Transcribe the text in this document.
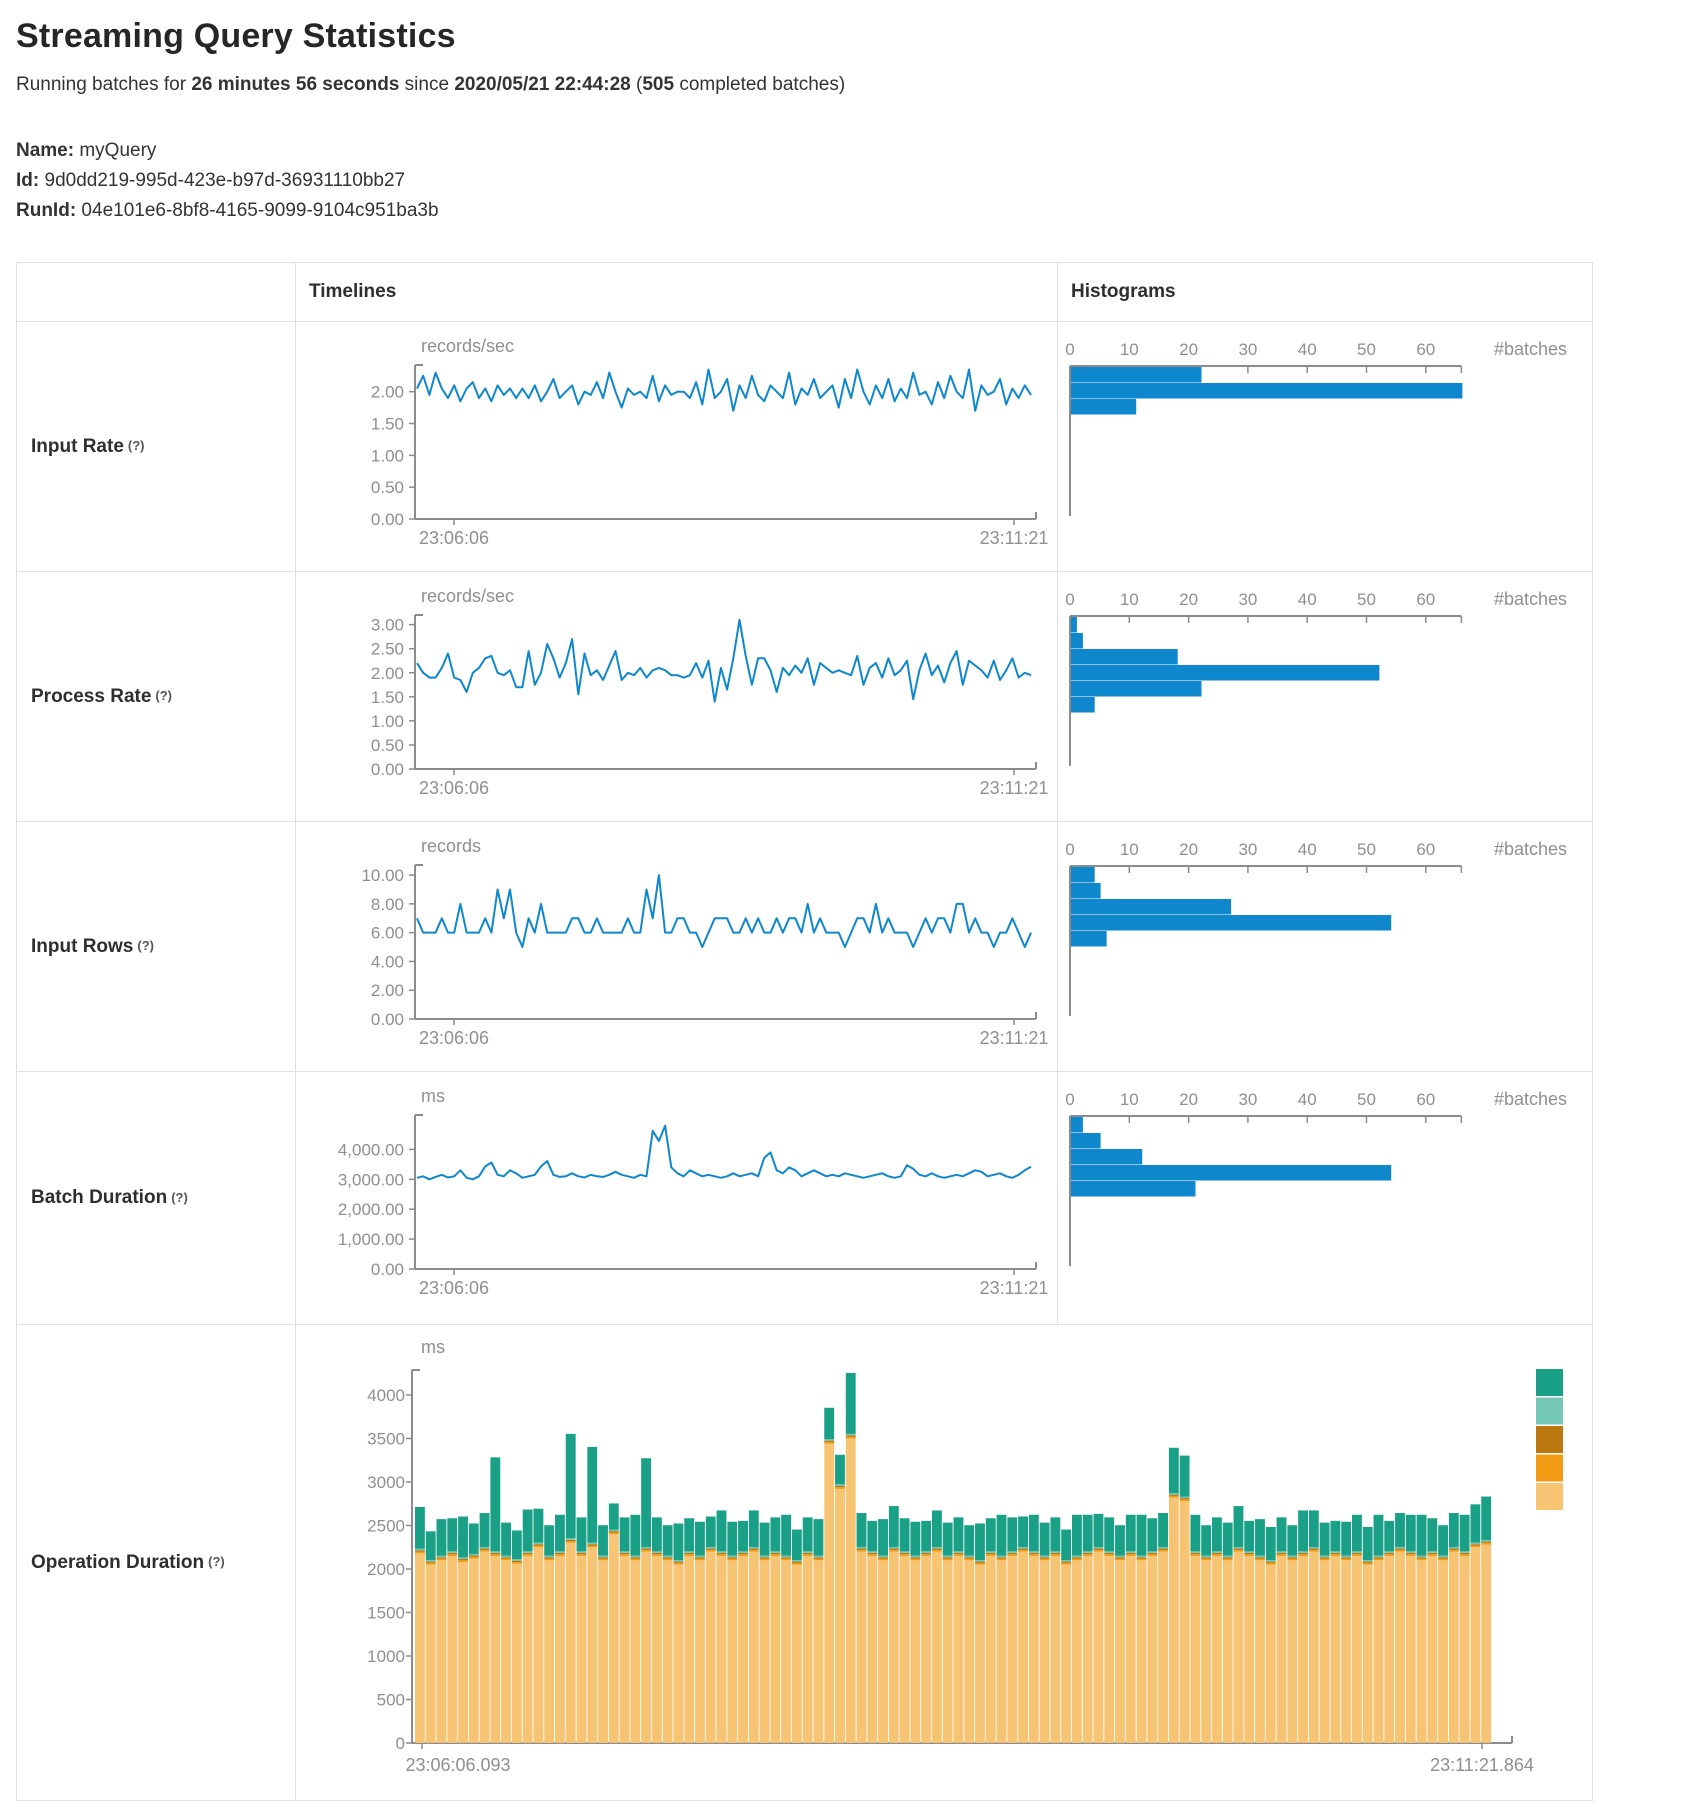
Streaming Query Statistics

Running batches for 26 minutes 56 seconds since 2020/05/21 22:44:28 (505 completed batches)

Name: myQuery
Id: 9d0dd219-995d-423e-b97d-36931110bb27
RunId: 04e101e6-8bf8-4165-9099-9104c951ba3b
Timelines	Histograms
Input Rate (?)
records/sec
2.00
1.50
1.00
0.50
0.00
23:06:06	23:11:21
#batches
0	10 20 30 40 50 60
Process Rate (?)
records/sec
3.00
2.50
2.00
1.50
1.00
0.50
0.00
23:06:06	23:11:21
#batches
0	10 20 30 40 50 60
Input Rows (?)
records
10.00
8.00
6.00
4.00
2.00
0.00
23:06:06	23:11:21
#batches
0	10 20 30 40 50 60
Batch Duration (?)
ms
4,000.00
3,000.00
2,000.00
1,000.00
0.00
23:06:06	23:11:21
#batches
0	10 20 30 40 50 60
Operation Duration (?)
ms
4000
3500
3000
2500
2000
1500
1000
500
0
23:06:06.093	23:11:21.864
